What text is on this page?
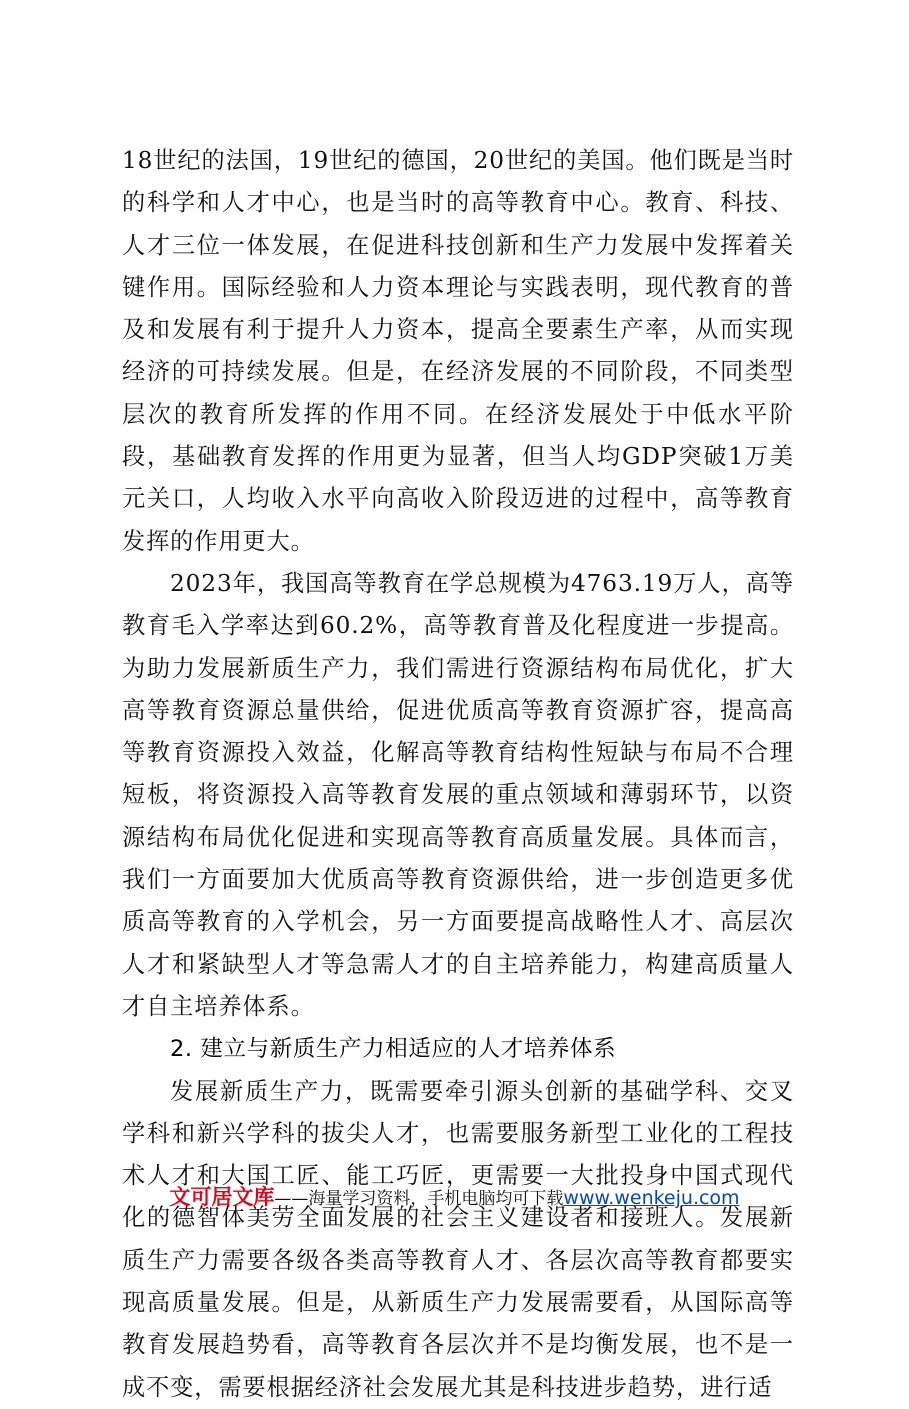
18世纪的法国，19世纪的德国，20世纪的美国。他们既是当时的科学和人才中心，也是当时的高等教育中心。教育、科技、人才三位一体发展，在促进科技创新和生产力发展中发挥着关键作用。国际经验和人力资本理论与实践表明，现代教育的普及和发展有利于提升人力资本，提高全要素生产率，从而实现经济的可持续发展。但是，在经济发展的不同阶段，不同类型层次的教育所发挥的作用不同。在经济发展处于中低水平阶段，基础教育发挥的作用更为显著，但当人均GDP突破1万美元关口，人均收入水平向高收入阶段迈进的过程中，高等教育发挥的作用更大。

2023年，我国高等教育在学总规模为4763.19万人，高等教育毛入学率达到60.2%，高等教育普及化程度进一步提高。为助力发展新质生产力，我们需进行资源结构布局优化，扩大高等教育资源总量供给，促进优质高等教育资源扩容，提高高等教育资源投入效益，化解高等教育结构性短缺与布局不合理短板，将资源投入高等教育发展的重点领域和薄弱环节，以资源结构布局优化促进和实现高等教育高质量发展。具体而言，我们一方面要加大优质高等教育资源供给，进一步创造更多优质高等教育的入学机会，另一方面要提高战略性人才、高层次人才和紧缺型人才等急需人才的自主培养能力，构建高质量人才自主培养体系。

2. 建立与新质生产力相适应的人才培养体系

发展新质生产力，既需要牵引源头创新的基础学科、交叉学科和新兴学科的拔尖人才，也需要服务新型工业化的工程技术人才和大国工匠、能工巧匠，更需要一大批投身中国式现代化的德智体美劳全面发展的社会主义建设者和接班人。发展新质生产力需要各级各类高等教育人才、各层次高等教育都要实现高质量发展。但是，从新质生产力发展需要看，从国际高等教育发展趋势看，高等教育各层次并不是均衡发展，也不是一成不变，需要根据经济社会发展尤其是科技进步趋势，进行适

文可居文库——海量学习资料，手机电脑均可下载www.wenkeju.com
